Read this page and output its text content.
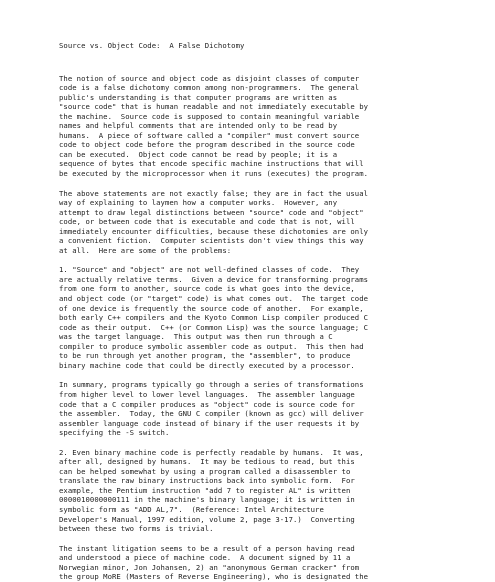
Source vs. Object Code:  A False Dichotomy

The notion of source and object code as disjoint classes of computer
code is a false dichotomy common among non-programmers.  The general
public's understanding is that computer programs are written as
"source code" that is human readable and not immediately executable by
the machine.  Source code is supposed to contain meaningful variable
names and helpful comments that are intended only to be read by
humans.  A piece of software called a "compiler" must convert source
code to object code before the program described in the source code
can be executed.  Object code cannot be read by people; it is a
sequence of bytes that encode specific machine instructions that will
be executed by the microprocessor when it runs (executes) the program.

The above statements are not exactly false; they are in fact the usual
way of explaining to laymen how a computer works.  However, any
attempt to draw legal distinctions between "source" code and "object"
code, or between code that is executable and code that is not, will
immediately encounter difficulties, because these dichotomies are only
a convenient fiction.  Computer scientists don't view things this way
at all.  Here are some of the problems:

1. "Source" and "object" are not well-defined classes of code.  They
are actually relative terms.  Given a device for transforming programs
from one form to another, source code is what goes into the device,
and object code (or "target" code) is what comes out.  The target code
of one device is frequently the source code of another.  For example,
both early C++ compilers and the Kyoto Common Lisp compiler produced C
code as their output.  C++ (or Common Lisp) was the source language; C
was the target language.  This output was then run through a C
compiler to produce symbolic assembler code as output.  This then had
to be run through yet another program, the "assembler", to produce
binary machine code that could be directly executed by a processor.

In summary, programs typically go through a series of transformations
from higher level to lower level languages.  The assembler language
code that a C compiler produces as "object" code is source code for
the assembler.  Today, the GNU C compiler (known as gcc) will deliver
assembler language code instead of binary if the user requests it by
specifying the -S switch.

2. Even binary machine code is perfectly readable by humans.  It was,
after all, designed by humans.  It may be tedious to read, but this
can be helped somewhat by using a program called a disassembler to
translate the raw binary instructions back into symbolic form.  For
example, the Pentium instruction "add 7 to register AL" is written
0000010000000111 in the machine's binary language; it is written in
symbolic form as "ADD AL,7".  (Reference: Intel Architecture
Developer's Manual, 1997 edition, volume 2, page 3-17.)  Converting
between these two forms is trivial.

The instant litigation seems to be a result of a person having read
and understood a piece of machine code.  A document signed by 11 a
Norwegian minor, Jon Johansen, 2) an "anonymous German cracker" from
the group MoRE (Masters of Reverse Engineering), who is designated the
